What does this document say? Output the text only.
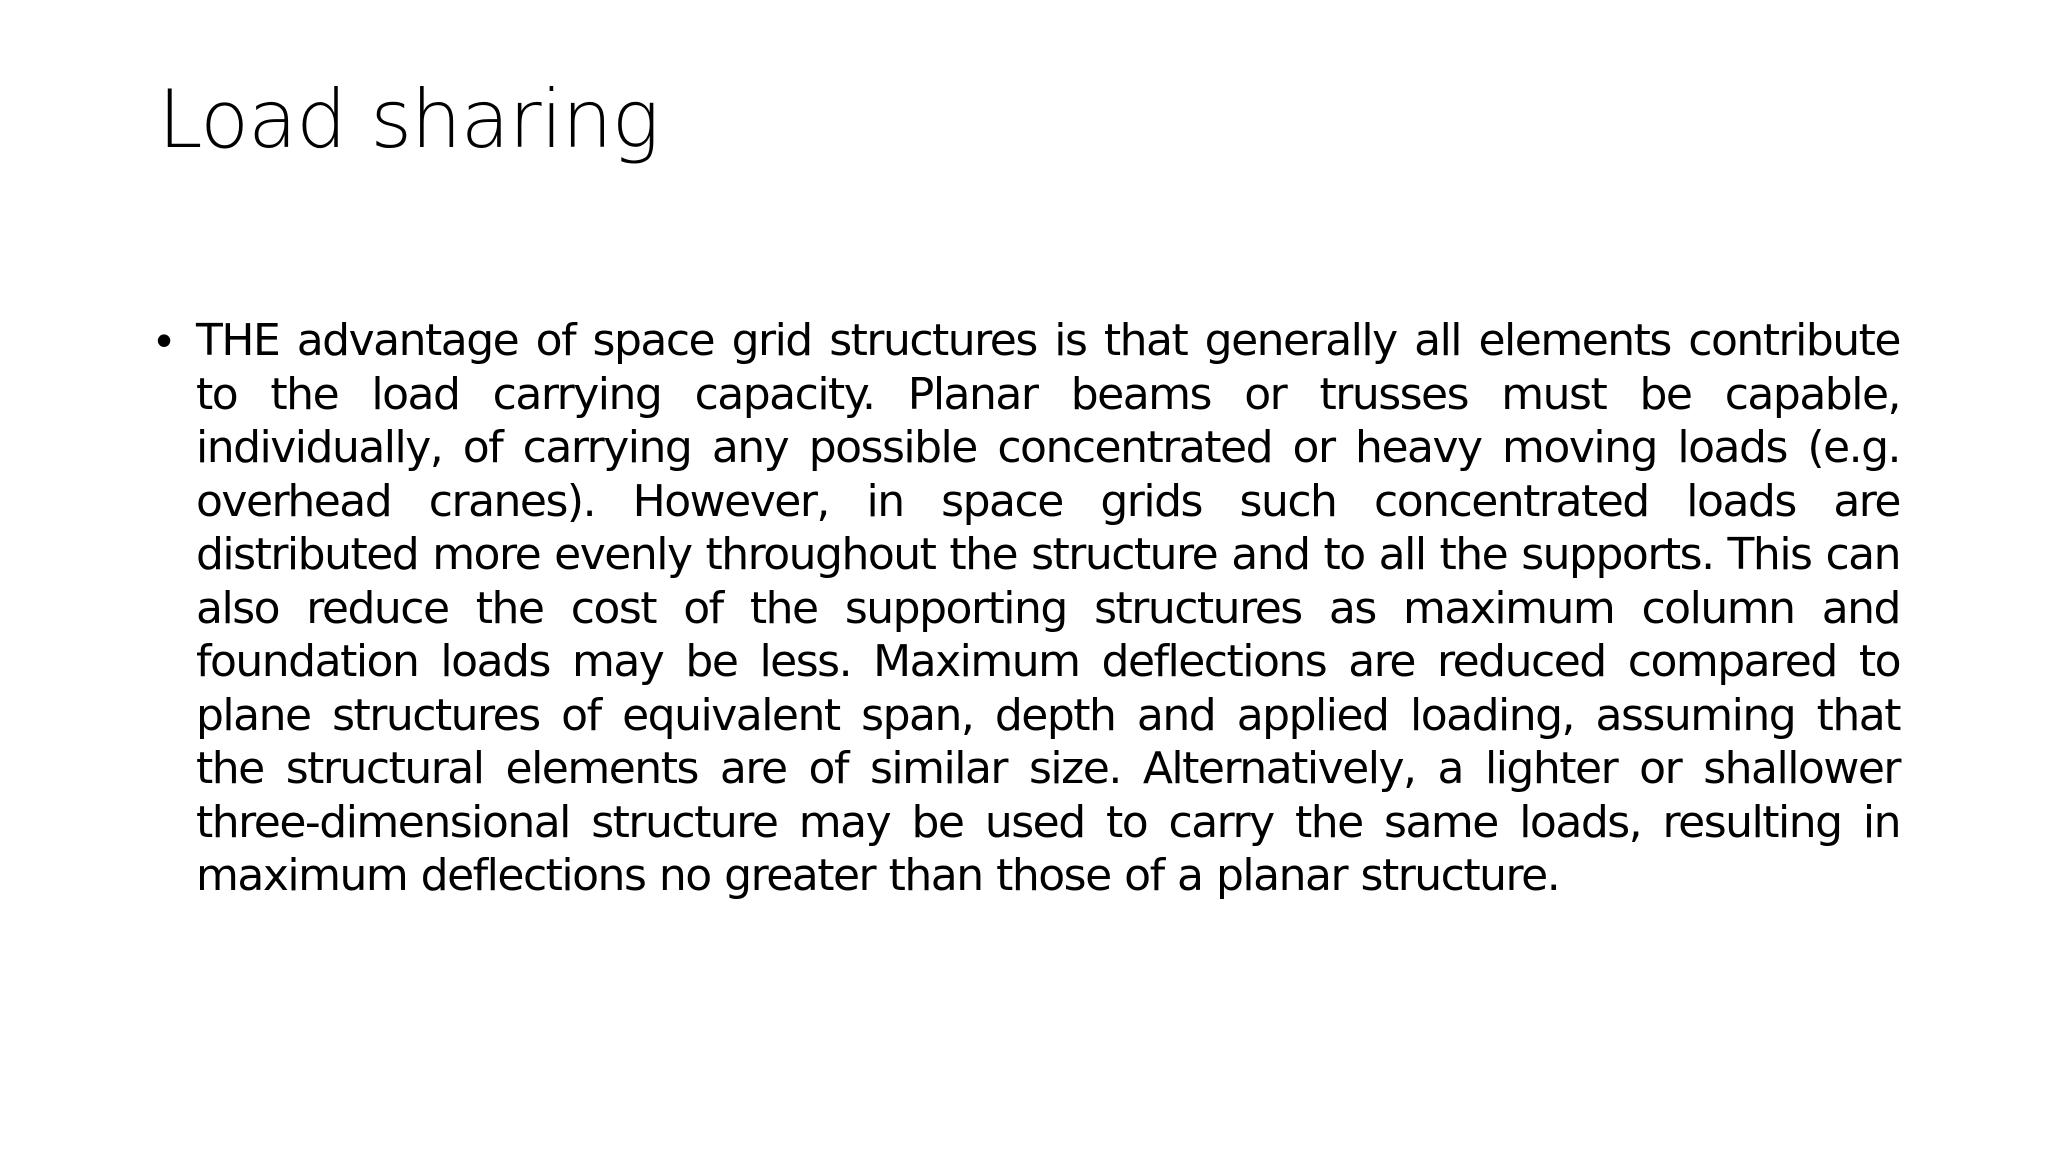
Load sharing
• THE advantage of space grid structures is that generally all elements contribute to the load carrying capacity. Planar beams or trusses must be capable, individually, of carrying any possible concentrated or heavy moving loads (e.g. overhead cranes). However, in space grids such concentrated loads are distributed more evenly throughout the structure and to all the supports. This can also reduce the cost of the supporting structures as maximum column and foundation loads may be less. Maximum deflections are reduced compared to plane structures of equivalent span, depth and applied loading, assuming that the structural elements are of similar size. Alternatively, a lighter or shallower three-dimensional structure may be used to carry the same loads, resulting in maximum deflections no greater than those of a planar structure.
